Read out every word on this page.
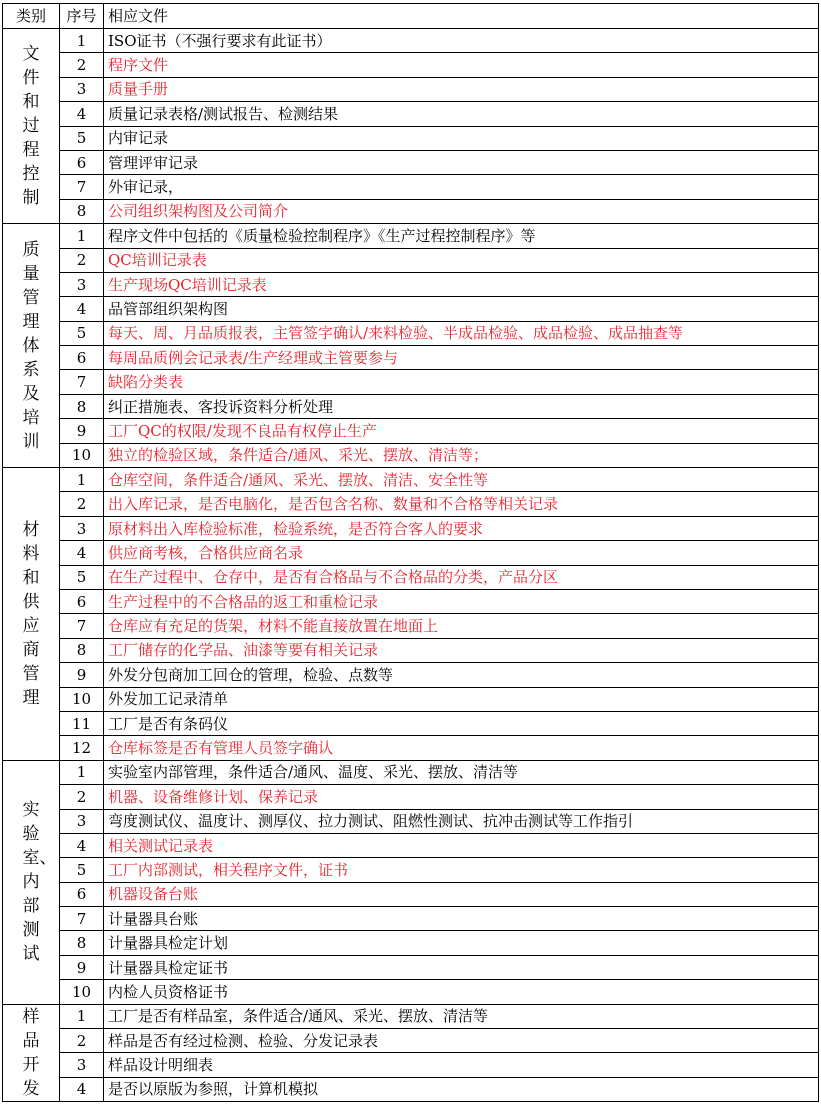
类别	序号	相应文件

文件和过程控制	1	ISO证书（不强行要求有此证书）
	2	程序文件
	3	质量手册
	4	质量记录表格/测试报告、检测结果
	5	内审记录
	6	管理评审记录
	7	外审记录，
	8	公司组织架构图及公司简介

质量管理体系及培训	1	程序文件中包括的《质量检验控制程序》《生产过程控制程序》等
	2	QC培训记录表
	3	生产现场QC培训记录表
	4	品管部组织架构图
	5	每天、周、月品质报表，主管签字确认/来料检验、半成品检验、成品检验、成品抽查等
	6	每周品质例会记录表/生产经理或主管要参与
	7	缺陷分类表
	8	纠正措施表、客投诉资料分析处理
	9	工厂QC的权限/发现不良品有权停止生产
	10	独立的检验区域，条件适合/通风、采光、摆放、清洁等；

材料和供应商管理	1	仓库空间，条件适合/通风、采光、摆放、清洁、安全性等
	2	出入库记录，是否电脑化，是否包含名称、数量和不合格等相关记录
	3	原材料出入库检验标准，检验系统，是否符合客人的要求
	4	供应商考核，合格供应商名录
	5	在生产过程中、仓存中，是否有合格品与不合格品的分类，产品分区
	6	生产过程中的不合格品的返工和重检记录
	7	仓库应有充足的货架，材料不能直接放置在地面上
	8	工厂储存的化学品、油漆等要有相关记录
	9	外发分包商加工回仓的管理，检验、点数等
	10	外发加工记录清单
	11	工厂是否有条码仪
	12	仓库标签是否有管理人员签字确认

实验室、内部测试	1	实验室内部管理，条件适合/通风、温度、采光、摆放、清洁等
	2	机器、设备维修计划、保养记录
	3	弯度测试仪、温度计、测厚仪、拉力测试、阻燃性测试、抗冲击测试等工作指引
	4	相关测试记录表
	5	工厂内部测试，相关程序文件，证书
	6	机器设备台账
	7	计量器具台账
	8	计量器具检定计划
	9	计量器具检定证书
	10	内检人员资格证书

样品开发	1	工厂是否有样品室，条件适合/通风、采光、摆放、清洁等
	2	样品是否有经过检测、检验、分发记录表
	3	样品设计明细表
	4	是否以原版为参照，计算机模拟
